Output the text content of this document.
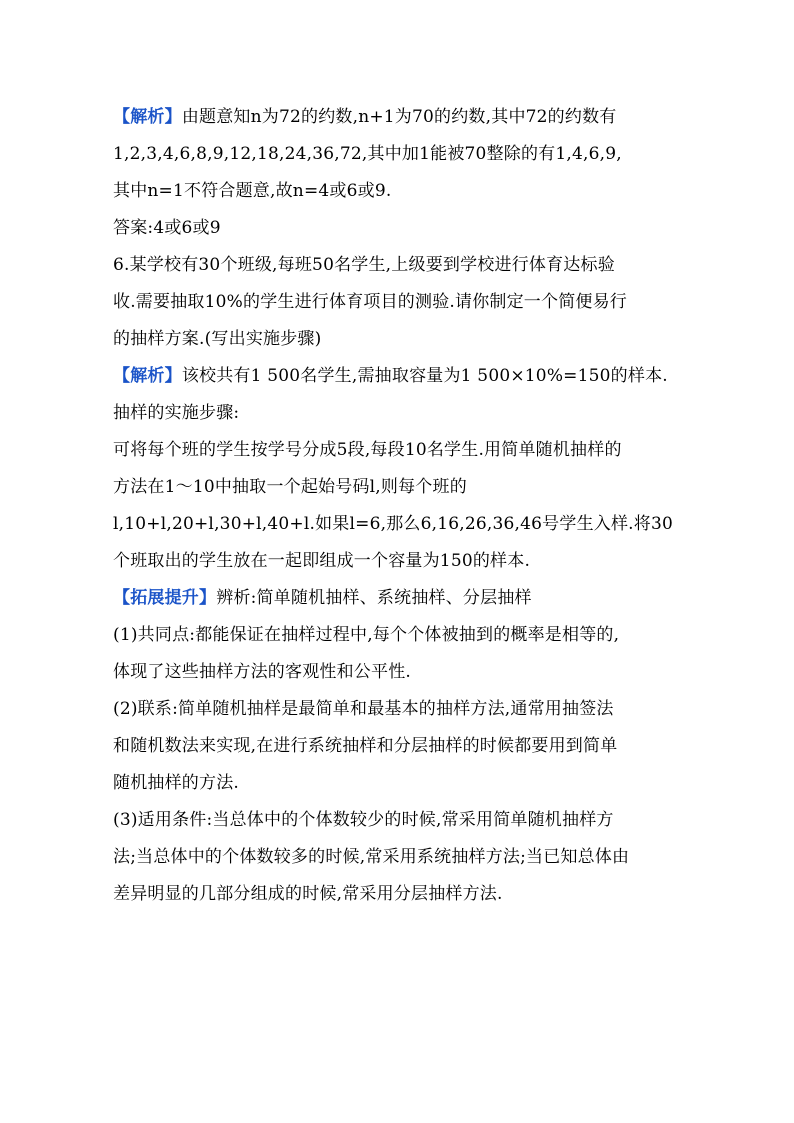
【解析】由题意知n为72的约数,n+1为70的约数,其中72的约数有
1,2,3,4,6,8,9,12,18,24,36,72,其中加1能被70整除的有1,4,6,9,
其中n=1不符合题意,故n=4或6或9.
答案:4或6或9
6.某学校有30个班级,每班50名学生,上级要到学校进行体育达标验
收.需要抽取10%的学生进行体育项目的测验.请你制定一个简便易行
的抽样方案.(写出实施步骤)
【解析】该校共有1 500名学生,需抽取容量为1 500×10%=150的样本.
抽样的实施步骤:
可将每个班的学生按学号分成5段,每段10名学生.用简单随机抽样的
方法在1～10中抽取一个起始号码l,则每个班的
l,10+l,20+l,30+l,40+l.如果l=6,那么6,16,26,36,46号学生入样.将30
个班取出的学生放在一起即组成一个容量为150的样本.
【拓展提升】辨析:简单随机抽样、系统抽样、分层抽样
(1)共同点:都能保证在抽样过程中,每个个体被抽到的概率是相等的,
体现了这些抽样方法的客观性和公平性.
(2)联系:简单随机抽样是最简单和最基本的抽样方法,通常用抽签法
和随机数法来实现,在进行系统抽样和分层抽样的时候都要用到简单
随机抽样的方法.
(3)适用条件:当总体中的个体数较少的时候,常采用简单随机抽样方
法;当总体中的个体数较多的时候,常采用系统抽样方法;当已知总体由
差异明显的几部分组成的时候,常采用分层抽样方法.
